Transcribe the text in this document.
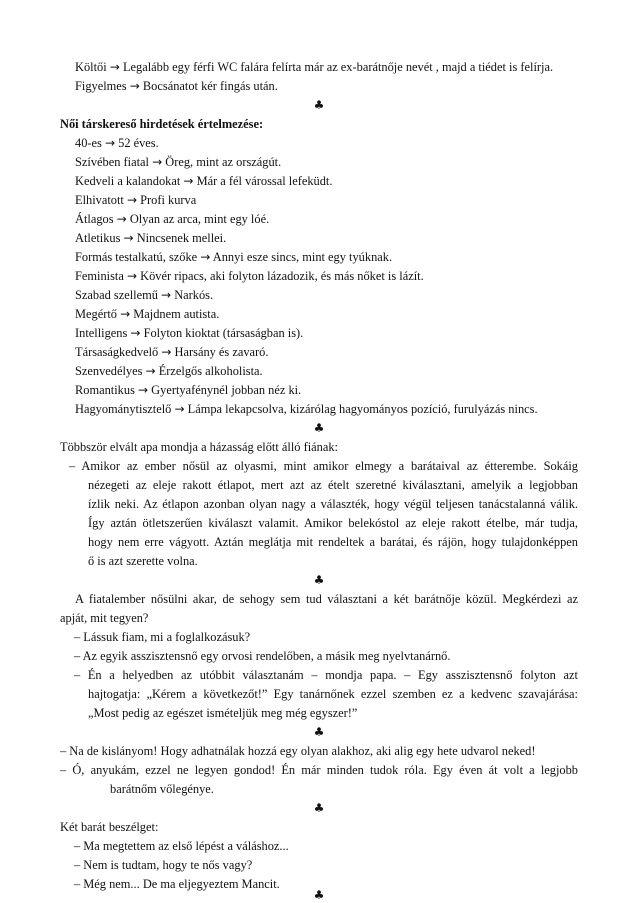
Költői → Legalább egy férfi WC falára felírta már az ex-barátnője nevét , majd a tiédet is felírja.
Figyelmes → Bocsánatot kér fingás után.
♣
Női társkereső hirdetések értelmezése:
40-es → 52 éves.
Szívében fiatal → Öreg, mint az országút.
Kedveli a kalandokat → Már a fél várossal lefeküdt.
Elhivatott → Profi kurva
Átlagos → Olyan az arca, mint egy lóé.
Atletikus → Nincsenek mellei.
Formás testalkatú, szőke → Annyi esze sincs, mint egy tyúknak.
Feminista → Kövér ripacs, aki folyton lázadozik, és más nőket is lázít.
Szabad szellemű → Narkós.
Megértő → Majdnem autista.
Intelligens → Folyton kioktat (társaságban is).
Társaságkedvelő → Harsány és zavaró.
Szenvedélyes → Érzelgős alkoholista.
Romantikus → Gyertyafénynél jobban néz ki.
Hagyománytisztelő → Lámpa lekapcsolva, kizárólag hagyományos pozíció, furulyázás nincs.
♣
Többször elvált apa mondja a házasság előtt álló fiának:
– Amikor az ember nősül az olyasmi, mint amikor elmegy a barátaival az étterembe. Sokáig
nézegeti az eleje rakott étlapot, mert azt az ételt szeretné kiválasztani, amelyik a legjobban
ízlik neki. Az étlapon azonban olyan nagy a választék, hogy végül teljesen tanácstalanná válik.
Így aztán ötletszerűen kiválaszt valamit. Amikor belekóstol az eleje rakott ételbe, már tudja,
hogy nem erre vágyott. Aztán meglátja mit rendeltek a barátai, és rájön, hogy tulajdonképpen
ő is azt szerette volna.
♣
A fiatalember nősülni akar, de sehogy sem tud választani a két barátnője közül. Megkérdezi az
apját, mit tegyen?
– Lássuk fiam, mi a foglalkozásuk?
– Az egyik asszisztensnő egy orvosi rendelőben, a másik meg nyelvtanárnő.
– Én a helyedben az utóbbit választanám – mondja papa. – Egy asszisztensnő folyton azt
hajtogatja: „Kérem a következőt!” Egy tanárnőnek ezzel szemben ez a kedvenc szavajárása:
„Most pedig az egészet ismételjük meg még egyszer!”
♣
– Na de kislányom! Hogy adhatnálak hozzá egy olyan alakhoz, aki alig egy hete udvarol neked!
– Ó, anyukám, ezzel ne legyen gondod! Én már minden tudok róla. Egy éven át volt a legjobb
barátnőm vőlegénye.
♣
Két barát beszélget:
– Ma megtettem az első lépést a váláshoz...
– Nem is tudtam, hogy te nős vagy?
– Még nem... De ma eljegyeztem Mancit.
♣
